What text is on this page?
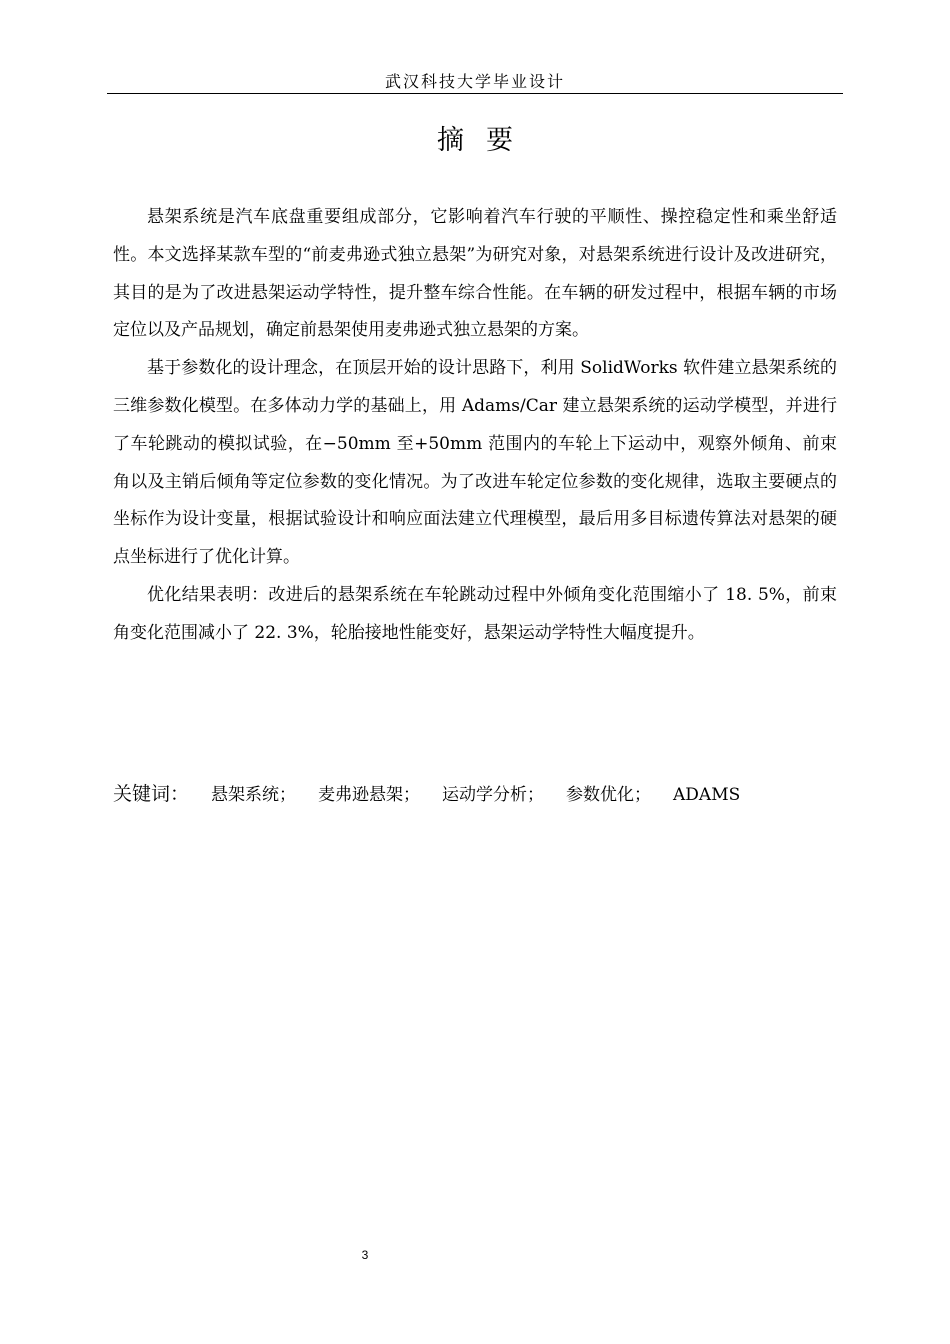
武汉科技大学毕业设计
摘要

悬架系统是汽车底盘重要组成部分，它影响着汽车行驶的平顺性、操控稳定性和乘坐舒适性。本文选择某款车型的“前麦弗逊式独立悬架”为研究对象，对悬架系统进行设计及改进研究，其目的是为了改进悬架运动学特性，提升整车综合性能。在车辆的研发过程中，根据车辆的市场定位以及产品规划，确定前悬架使用麦弗逊式独立悬架的方案。

基于参数化的设计理念，在顶层开始的设计思路下，利用 SolidWorks 软件建立悬架系统的三维参数化模型。在多体动力学的基础上，用 Adams/Car 建立悬架系统的运动学模型，并进行了车轮跳动的模拟试验，在−50mm 至+50mm 范围内的车轮上下运动中，观察外倾角、前束角以及主销后倾角等定位参数的变化情况。为了改进车轮定位参数的变化规律，选取主要硬点的坐标作为设计变量，根据试验设计和响应面法建立代理模型，最后用多目标遗传算法对悬架的硬点坐标进行了优化计算。

优化结果表明：改进后的悬架系统在车轮跳动过程中外倾角变化范围缩小了 18. 5%，前束角变化范围减小了 22. 3%，轮胎接地性能变好，悬架运动学特性大幅度提升。

关键词： 悬架系统； 麦弗逊悬架； 运动学分析； 参数优化； ADAMS
3
